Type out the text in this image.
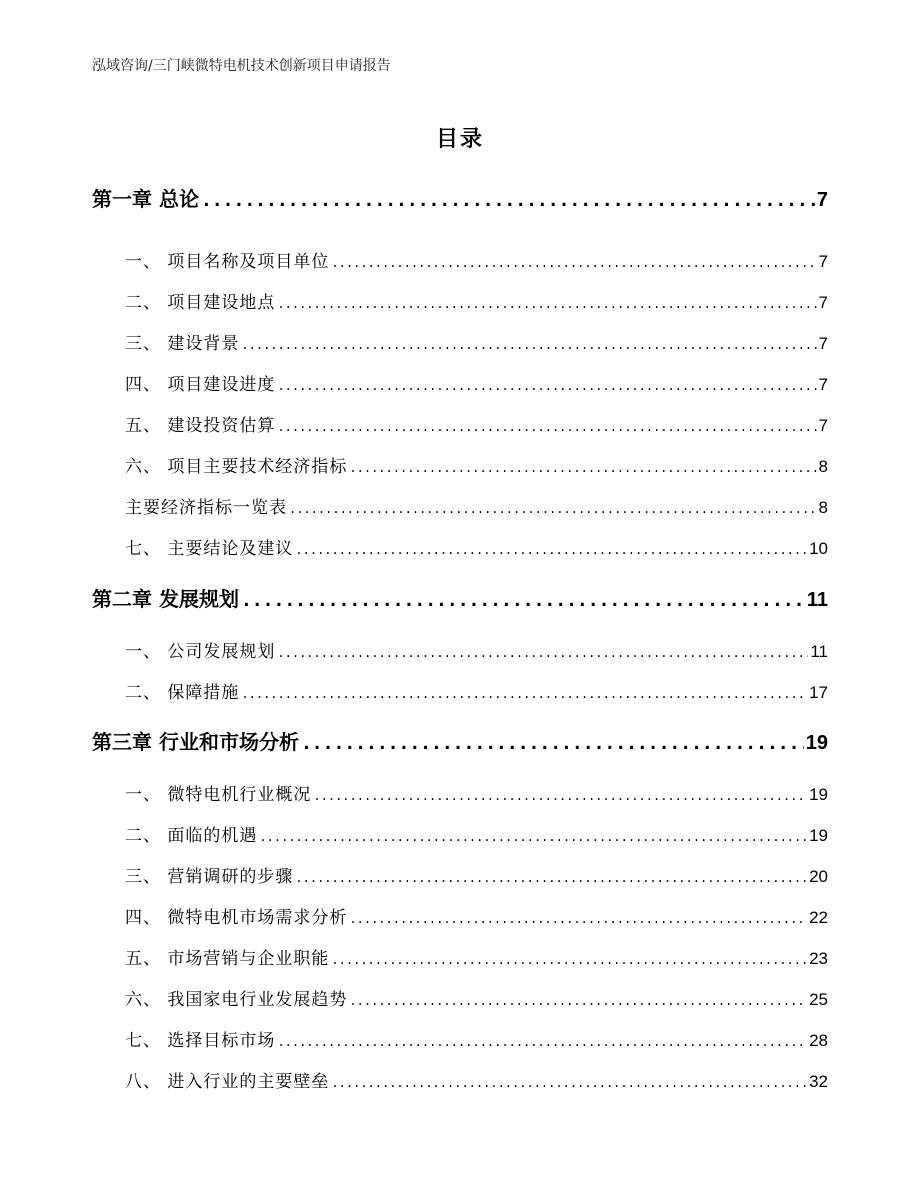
泓域咨询/三门峡微特电机技术创新项目申请报告
目录
第一章 总论 .....	7
一、 项目名称及项目单位 .....	7
二、 项目建设地点 .....	7
三、 建设背景 .....	7
四、 项目建设进度 .....	7
五、 建设投资估算 .....	7
六、 项目主要技术经济指标 .....	8
主要经济指标一览表 .....	8
七、 主要结论及建议 .....	10
第二章 发展规划 .....	11
一、 公司发展规划 .....	11
二、 保障措施 .....	17
第三章 行业和市场分析 .....	19
一、 微特电机行业概况 .....	19
二、 面临的机遇 .....	19
三、 营销调研的步骤 .....	20
四、 微特电机市场需求分析 .....	22
五、 市场营销与企业职能 .....	23
六、 我国家电行业发展趋势 .....	25
七、 选择目标市场 .....	28
八、 进入行业的主要壁垒 .....	32
